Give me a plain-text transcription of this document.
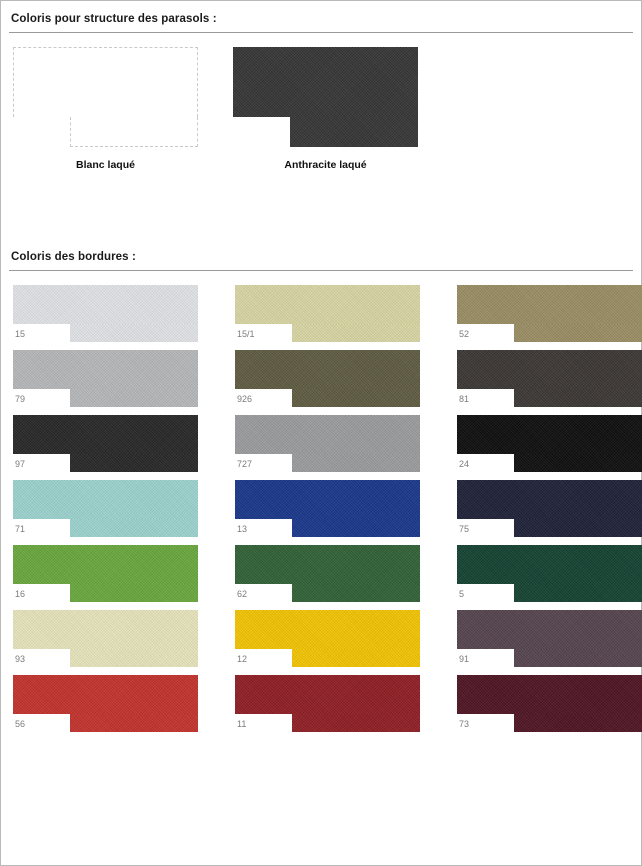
Coloris pour structure des parasols :
Blanc laqué	Anthracite laqué
Coloris des bordures :
15	15/1	52
79	926	81
97	727	24
71	13	75
16	62	5
93	12	91
56	11	73
